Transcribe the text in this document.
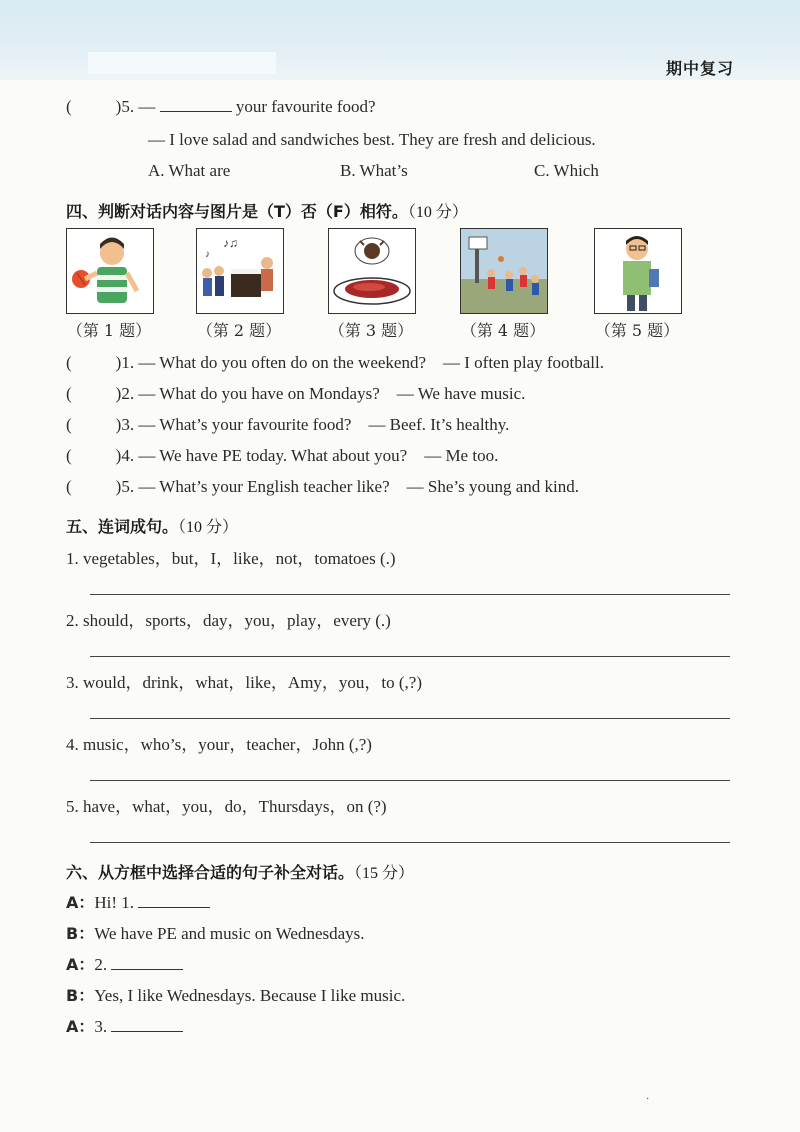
期中复习
(	)5. —	your favourite food?
— I love salad and sandwiches best. They are fresh and delicious.
A. What are	B. What’s	C. Which
四、判断对话内容与图片是（T）否（F）相符。（10 分）
♪♫
♪
（第 1 题）	（第 2 题）	（第 3 题）	（第 4 题）	（第 5 题）
(	)1. — What do you often do on the weekend? — I often play football.
(	)2. — What do you have on Mondays? — We have music.
(	)3. — What’s your favourite food? — Beef. It’s healthy.
(	)4. — We have PE today. What about you? — Me too.
(	)5. — What’s your English teacher like? — She’s young and kind.
五、连词成句。（10 分）
1. vegetables，but，I，like，not，tomatoes (.)
2. should，sports，day，you，play，every (.)
3. would，drink，what，like，Amy，you，to (,?)
4. music，who’s，your，teacher，John (,?)
5. have，what，you，do，Thursdays，on (?)
六、从方框中选择合适的句子补全对话。（15 分）
A：Hi! 1.
B：We have PE and music on Wednesdays.
A：2.
B：Yes, I like Wednesdays. Because I like music.
A：3.
·
